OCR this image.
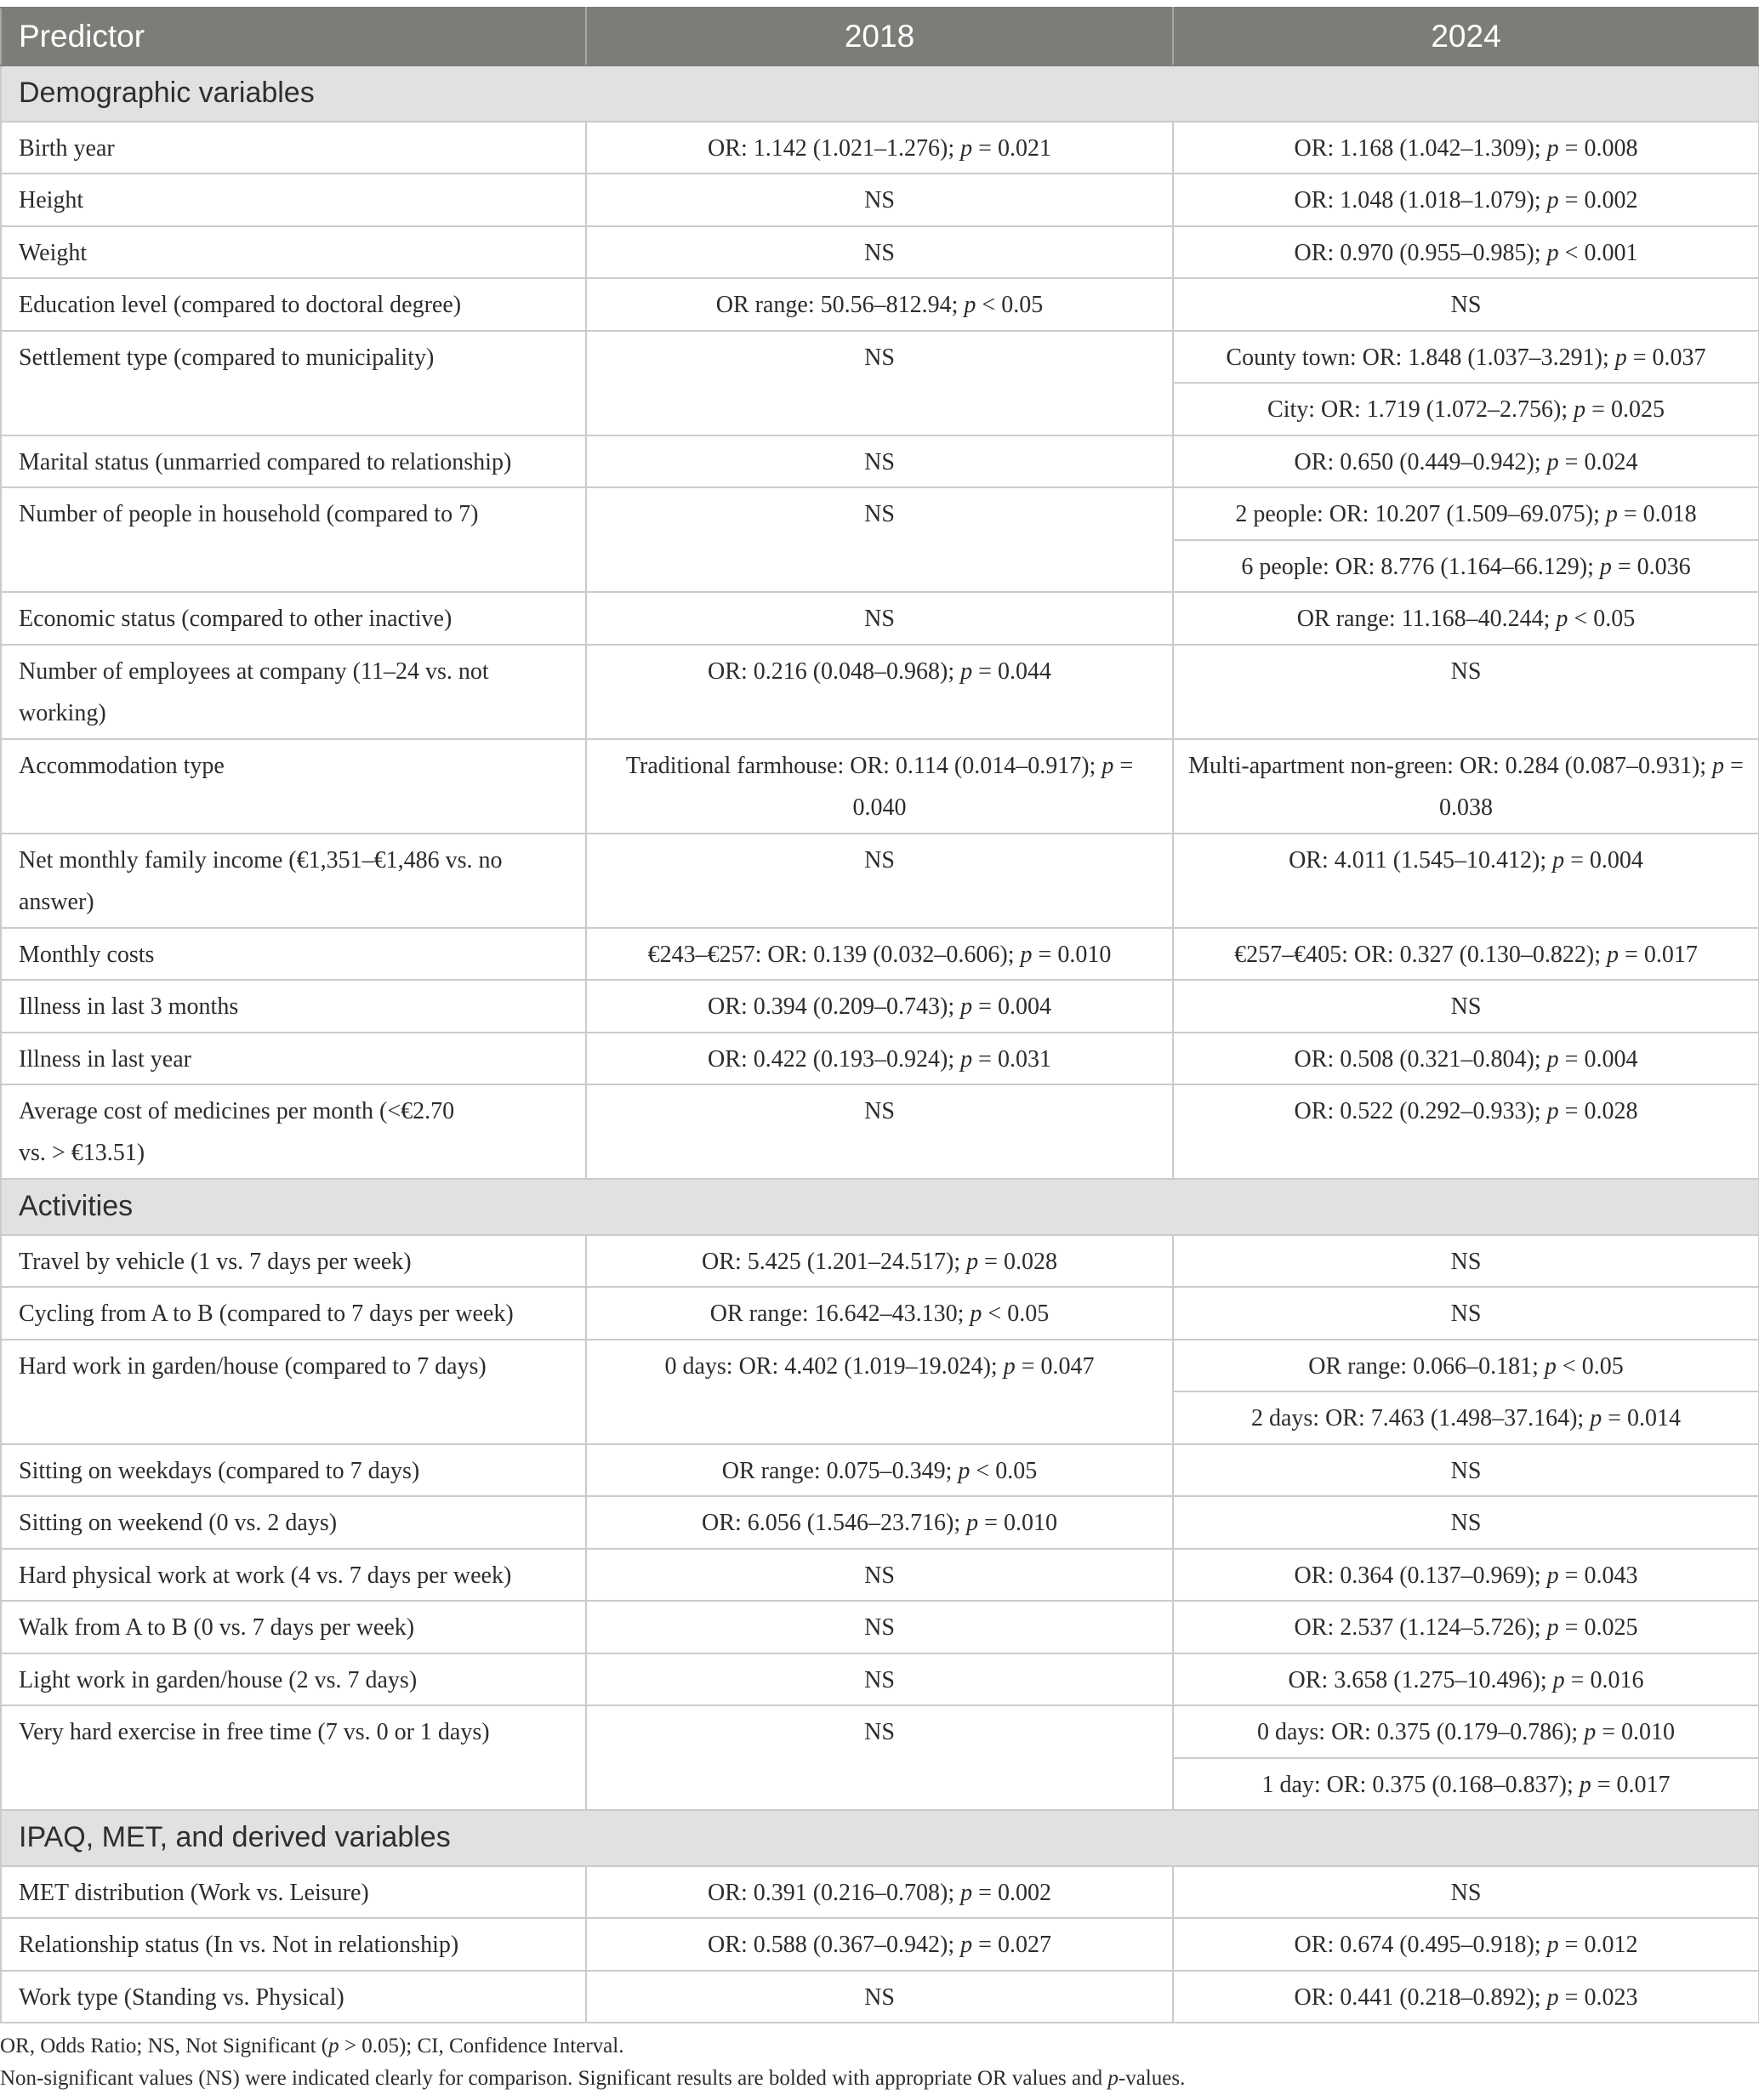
Predictor	2018	2024
Demographic variables		
Birth year	OR: 1.142 (1.021–1.276); p = 0.021	OR: 1.168 (1.042–1.309); p = 0.008
Height	NS	OR: 1.048 (1.018–1.079); p = 0.002
Weight	NS	OR: 0.970 (0.955–0.985); p < 0.001
Education level (compared to doctoral degree)	OR range: 50.56–812.94; p < 0.05	NS
Settlement type (compared to municipality)	NS	County town: OR: 1.848 (1.037–3.291); p = 0.037
		City: OR: 1.719 (1.072–2.756); p = 0.025
Marital status (unmarried compared to relationship)	NS	OR: 0.650 (0.449–0.942); p = 0.024
Number of people in household (compared to 7)	NS	2 people: OR: 10.207 (1.509–69.075); p = 0.018
		6 people: OR: 8.776 (1.164–66.129); p = 0.036
Economic status (compared to other inactive)	NS	OR range: 11.168–40.244; p < 0.05
Number of employees at company (11–24 vs. not working)	OR: 0.216 (0.048–0.968); p = 0.044	NS
Accommodation type	Traditional farmhouse: OR: 0.114 (0.014–0.917); p = 0.040	Multi-apartment non-green: OR: 0.284 (0.087–0.931); p = 0.038
Net monthly family income (€1,351–€1,486 vs. no answer)	NS	OR: 4.011 (1.545–10.412); p = 0.004
Monthly costs	€243–€257: OR: 0.139 (0.032–0.606); p = 0.010	€257–€405: OR: 0.327 (0.130–0.822); p = 0.017
Illness in last 3 months	OR: 0.394 (0.209–0.743); p = 0.004	NS
Illness in last year	OR: 0.422 (0.193–0.924); p = 0.031	OR: 0.508 (0.321–0.804); p = 0.004

Average cost of medicines per month (<€2.70 vs. > €13.51)	NS	OR: 0.522 (0.292–0.933); p = 0.028
Activities		
Travel by vehicle (1 vs. 7 days per week)	OR: 5.425 (1.201–24.517); p = 0.028	NS
Cycling from A to B (compared to 7 days per week)	OR range: 16.642–43.130; p < 0.05	NS
Hard work in garden/house (compared to 7 days)	0 days: OR: 4.402 (1.019–19.024); p = 0.047	OR range: 0.066–0.181; p < 0.05
		2 days: OR: 7.463 (1.498–37.164); p = 0.014
Sitting on weekdays (compared to 7 days)	OR range: 0.075–0.349; p < 0.05	NS
Sitting on weekend (0 vs. 2 days)	OR: 6.056 (1.546–23.716); p = 0.010	NS
Hard physical work at work (4 vs. 7 days per week)	NS	OR: 0.364 (0.137–0.969); p = 0.043
Walk from A to B (0 vs. 7 days per week)	NS	OR: 2.537 (1.124–5.726); p = 0.025
Light work in garden/house (2 vs. 7 days)	NS	OR: 3.658 (1.275–10.496); p = 0.016
Very hard exercise in free time (7 vs. 0 or 1 days)	NS	0 days: OR: 0.375 (0.179–0.786); p = 0.010
		1 day: OR: 0.375 (0.168–0.837); p = 0.017
IPAQ, MET, and derived variables		
MET distribution (Work vs. Leisure)	OR: 0.391 (0.216–0.708); p = 0.002	NS
Relationship status (In vs. Not in relationship)	OR: 0.588 (0.367–0.942); p = 0.027	OR: 0.674 (0.495–0.918); p = 0.012
Work type (Standing vs. Physical)	NS	OR: 0.441 (0.218–0.892); p = 0.023
OR, Odds Ratio; NS, Not Significant (p > 0.05); CI, Confidence Interval.
Non-significant values (NS) were indicated clearly for comparison. Significant results are bolded with appropriate OR values and p-values.
